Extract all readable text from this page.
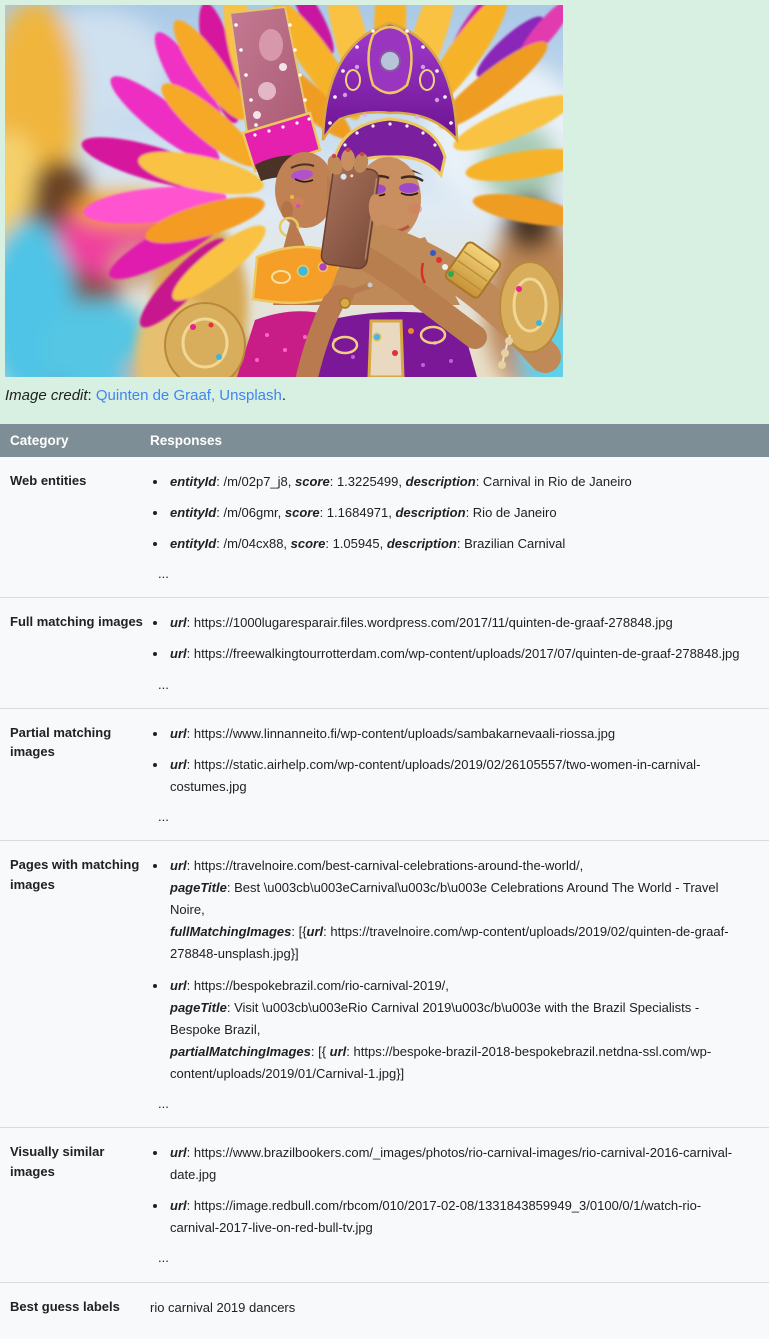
Image credit: Quinten de Graaf, Unsplash.

Category	Responses
Web entities	
•entityId: /m/02p7_j8, score: 1.3225499, description: Carnival in Rio de Janeiro
• entityId: /m/06gmr, score: 1.1684971, description: Rio de Janeiro
• entityId: /m/04cx88, score: 1.05945, description: Brazilian Carnival
...

Full matching images	
•url: https://1000lugaresparair.files.wordpress.com/2017/11/quinten-de-graaf-278848.jpg
• url: https://freewalkingtourrotterdam.com/wp-content/uploads/2017/07/quinten-de-graaf-278848.jpg
...

Partial matching images	
• url: https://www.linnanneito.fi/wp-content/uploads/sambakarnevaali-riossa.jpg
• url: https://static.airhelp.com/wp-content/uploads/2019/02/26105557/two-women-in-carnival-costumes.jpg
...

Pages with matching images	
• url: https://travelnoire.com/best-carnival-celebrations-around-the-world/,
pageTitle: Best \u003cb\u003eCarnival\u003c/b\u003e Celebrations Around The World - Travel Noire,
fullMatchingImages: [{url: https://travelnoire.com/wp-content/uploads/2019/02/quinten-de-graaf-278848-unsplash.jpg}]
• url: https://bespokebrazil.com/rio-carnival-2019/,
pageTitle: Visit \u003cb\u003eRio Carnival 2019\u003c/b\u003e with the Brazil Specialists - Bespoke Brazil,
partialMatchingImages: [{ url: https://bespoke-brazil-2018-bespokebrazil.netdna-ssl.com/wp-content/uploads/2019/01/Carnival-1.jpg}]
...

Visually similar images	
• url: https://www.brazilbookers.com/_images/photos/rio-carnival-images/rio-carnival-2016-carnival-date.jpg
• url: https://image.redbull.com/rbcom/010/2017-02-08/1331843859949_3/0100/0/1/watch-rio-carnival-2017-live-on-red-bull-tv.jpg
...

Best guess labels	rio carnival 2019 dancers
